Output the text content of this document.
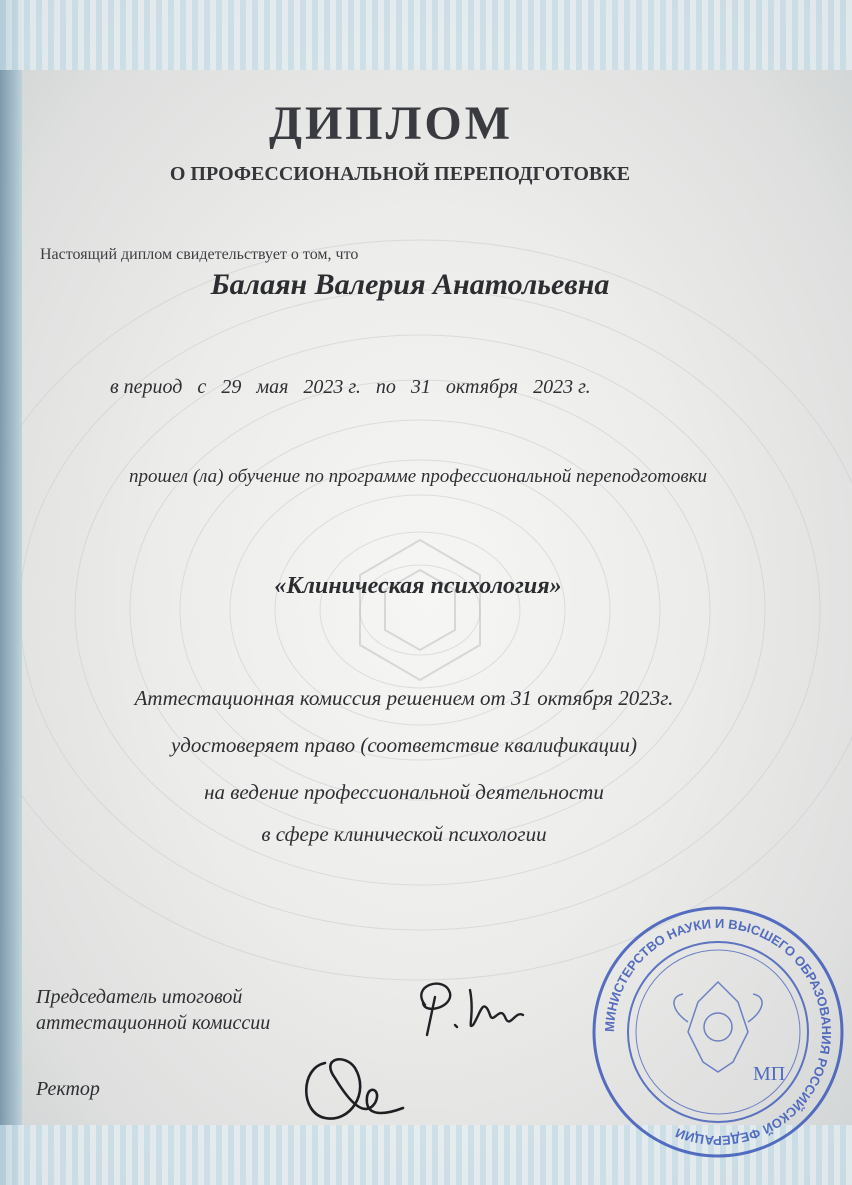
ДИПЛОМ
О ПРОФЕССИОНАЛЬНОЙ ПЕРЕПОДГОТОВКЕ
Настоящий диплом свидетельствует о том, что
Балаян Валерия Анатольевна
в период с 29 мая 2023 г. по 31 октября 2023 г.
прошел (ла) обучение по программе профессиональной переподготовки
«Клиническая психология»
Аттестационная комиссия решением от 31 октября 2023г.
удостоверяет право (соответствие квалификации)
на ведение профессиональной деятельности
в сфере клинической психологии
Председатель итоговой
аттестационной комиссии
Ректор
МИНИСТЕРСТВО НАУКИ И ВЫСШЕГО ОБРАЗОВАНИЯ РОССИЙСКОЙ ФЕДЕРАЦИИ
МП
